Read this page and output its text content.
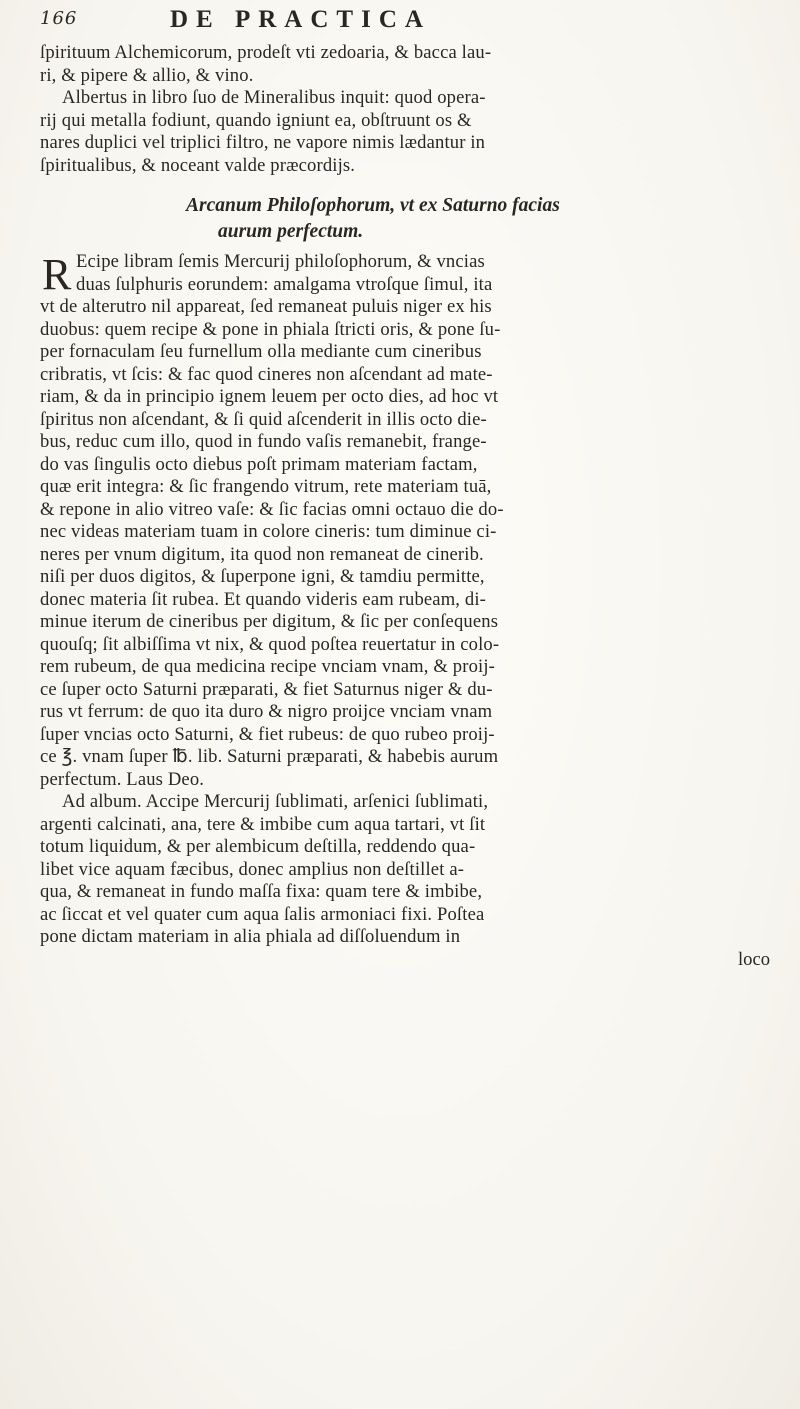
166	DE PRACTICA
ſpirituum Alchemicorum, prodeſt vti zedoaria, & bacca lau-
ri, & pipere & allio, & vino.
Albertus in libro ſuo de Mineralibus inquit: quod opera-
rij qui metalla fodiunt, quando igniunt ea, obſtruunt os &
nares duplici vel triplici filtro, ne vapore nimis lædantur in
ſpiritualibus, & noceant valde præcordijs.
Arcanum Philoſophorum, vt ex Saturno facias
aurum perfectum.
R Ecipe libram ſemis Mercurij philoſophorum, & vncias
duas ſulphuris eorundem: amalgama vtroſque ſimul, ita
vt de alterutro nil appareat, ſed remaneat puluis niger ex his
duobus: quem recipe & pone in phiala ſtricti oris, & pone ſu-
per fornaculam ſeu furnellum olla mediante cum cineribus
cribratis, vt ſcis: & fac quod cineres non aſcendant ad mate-
riam, & da in principio ignem leuem per octo dies, ad hoc vt
ſpiritus non aſcendant, & ſi quid aſcenderit in illis octo die-
bus, reduc cum illo, quod in fundo vaſis remanebit, frange-
do vas ſingulis octo diebus poſt primam materiam factam,
quæ erit integra: & ſic frangendo vitrum, rete materiam tuā,
& repone in alio vitreo vaſe: & ſic facias omni octauo die do-
nec videas materiam tuam in colore cineris: tum diminue ci-
neres per vnum digitum, ita quod non remaneat de cinerib.
niſi per duos digitos, & ſuperpone igni, & tamdiu permitte,
donec materia ſit rubea. Et quando videris eam rubeam, di-
minue iterum de cineribus per digitum, & ſic per conſequens
quouſq; ſit albiſſima vt nix, & quod poſtea reuertatur in colo-
rem rubeum, de qua medicina recipe vnciam vnam, & proij-
ce ſuper octo Saturni præparati, & fiet Saturnus niger & du-
rus vt ferrum: de quo ita duro & nigro proijce vnciam vnam
ſuper vncias octo Saturni, & fiet rubeus: de quo rubeo proij-
ce ℥. vnam ſuper ℔. lib. Saturni præparati, & habebis aurum
perfectum. Laus Deo.
Ad album. Accipe Mercurij ſublimati, arſenici ſublimati,
argenti calcinati, ana, tere & imbibe cum aqua tartari, vt ſit
totum liquidum, & per alembicum deſtilla, reddendo qua-
libet vice aquam fæcibus, donec amplius non deſtillet a-
qua, & remaneat in fundo maſſa fixa: quam tere & imbibe,
ac ſiccat et vel quater cum aqua ſalis armoniaci fixi. Poſtea
pone dictam materiam in alia phiala ad diſſoluendum in
loco
